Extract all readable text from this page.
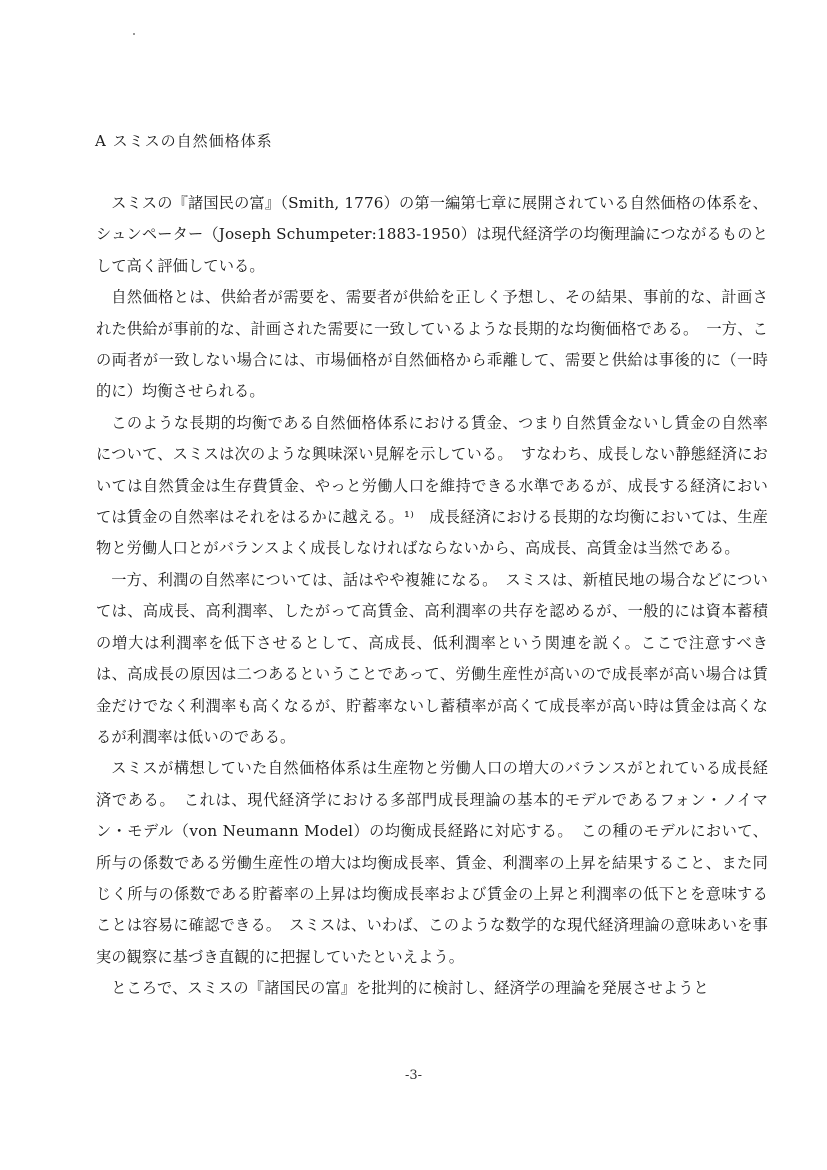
A スミスの自然価格体系

スミスの『諸国民の富』（Smith, 1776）の第一編第七章に展開されている自然価格の体系を、シュンペーター（Joseph Schumpeter:1883-1950）は現代経済学の均衡理論につながるものとして高く評価している。

自然価格とは、供給者が需要を、需要者が供給を正しく予想し、その結果、事前的な、計画された供給が事前的な、計画された需要に一致しているような長期的な均衡価格である。　一方、この両者が一致しない場合には、市場価格が自然価格から乖離して、需要と供給は事後的に（一時的に）均衡させられる。

このような長期的均衡である自然価格体系における賃金、つまり自然賃金ないし賃金の自然率について、スミスは次のような興味深い見解を示している。　すなわち、成長しない静態経済においては自然賃金は生存費賃金、やっと労働人口を維持できる水準であるが、成長する経済においては賃金の自然率はそれをはるかに越える。¹⁾　成長経済における長期的な均衡においては、生産物と労働人口とがバランスよく成長しなければならないから、高成長、高賃金は当然である。

一方、利潤の自然率については、話はやや複雑になる。　スミスは、新植民地の場合などについては、高成長、高利潤率、したがって高賃金、高利潤率の共存を認めるが、一般的には資本蓄積の増大は利潤率を低下させるとして、高成長、低利潤率という関連を説く。ここで注意すべきは、高成長の原因は二つあるということであって、労働生産性が高いので成長率が高い場合は賃金だけでなく利潤率も高くなるが、貯蓄率ないし蓄積率が高くて成長率が高い時は賃金は高くなるが利潤率は低いのである。

スミスが構想していた自然価格体系は生産物と労働人口の増大のバランスがとれている成長経済である。　これは、現代経済学における多部門成長理論の基本的モデルであるフォン・ノイマン・モデル（von Neumann Model）の均衡成長経路に対応する。　この種のモデルにおいて、所与の係数である労働生産性の増大は均衡成長率、賃金、利潤率の上昇を結果すること、また同じく所与の係数である貯蓄率の上昇は均衡成長率および賃金の上昇と利潤率の低下とを意味することは容易に確認できる。　スミスは、いわば、このような数学的な現代経済理論の意味あいを事実の観察に基づき直観的に把握していたといえよう。

ところで、スミスの『諸国民の富』を批判的に検討し、経済学の理論を発展させようと

-3-
